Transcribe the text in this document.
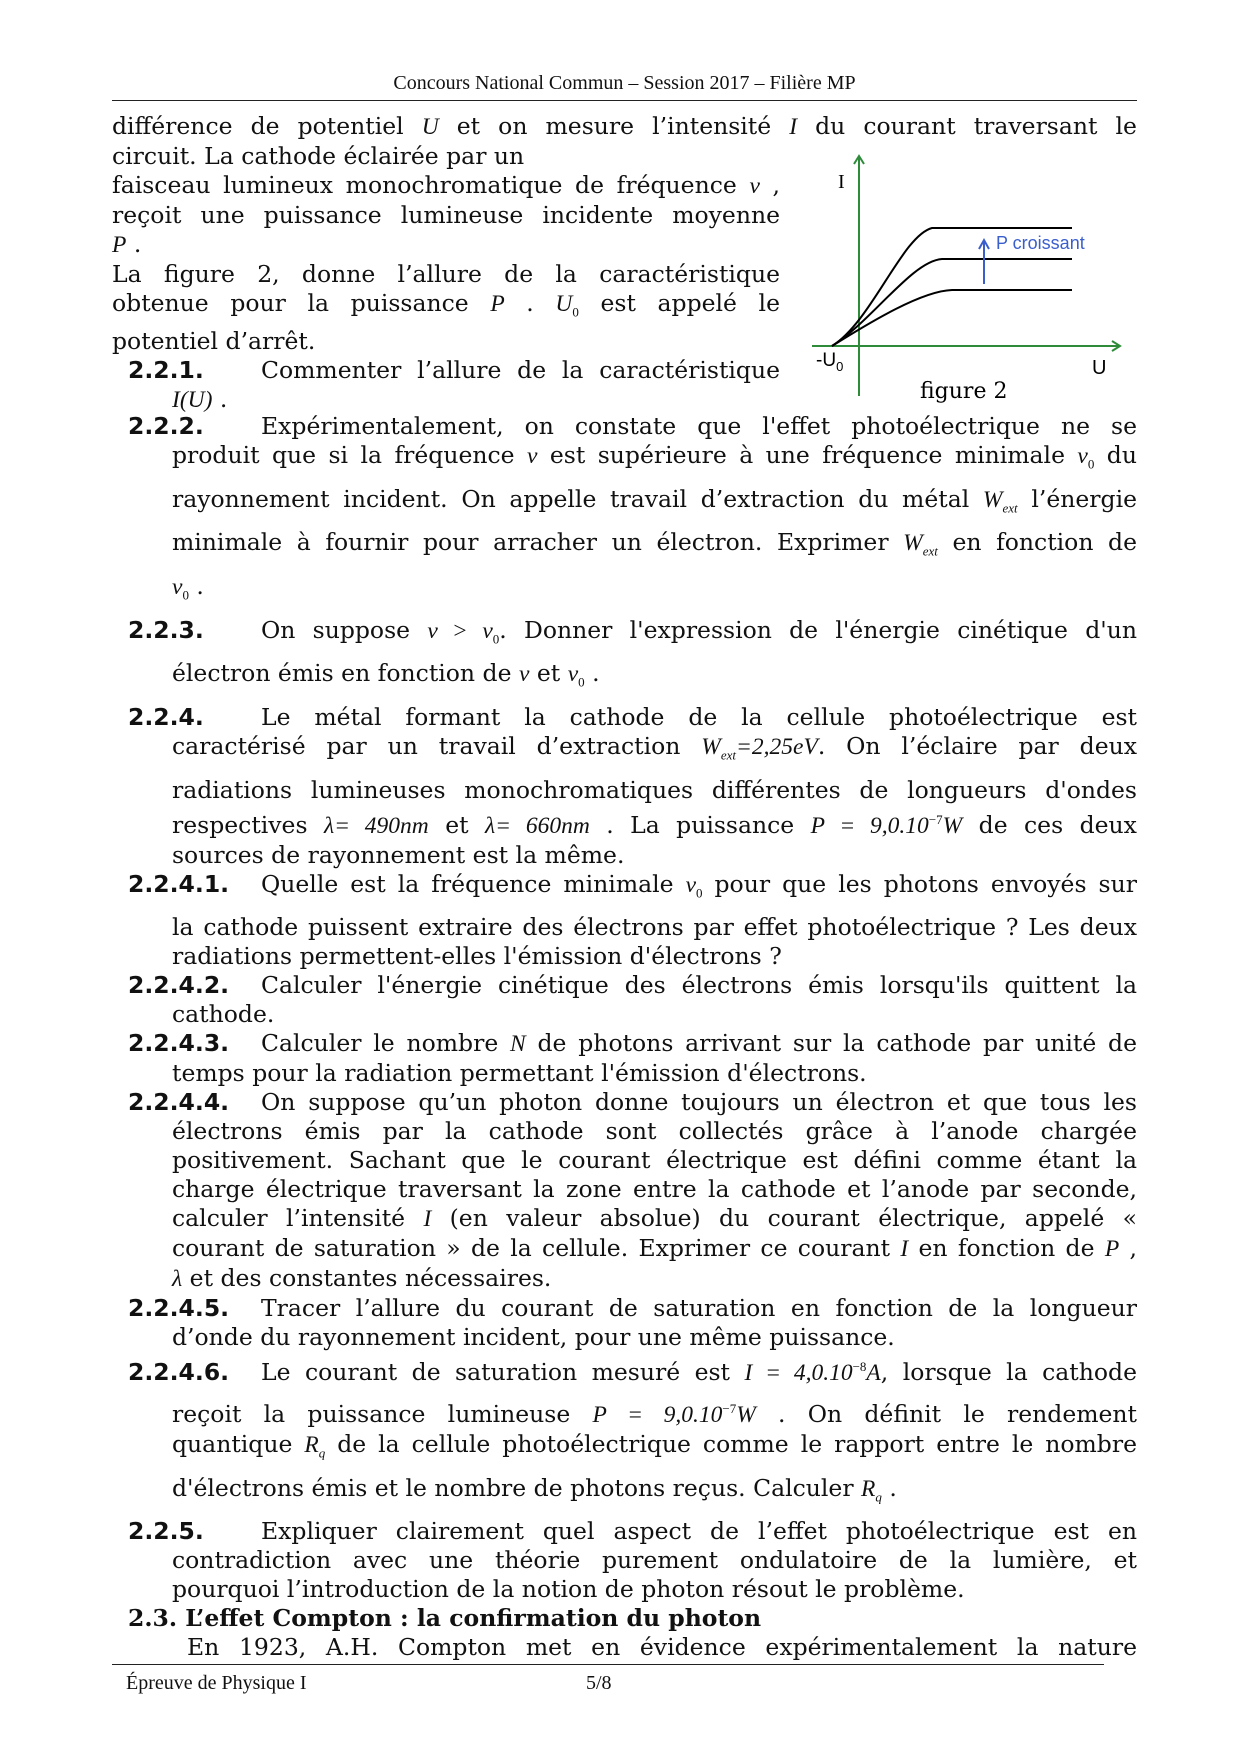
Concours National Commun – Session 2017 – Filière MP

différence de potentiel U et on mesure l’intensité I du courant traversant le

circuit. La cathode éclairée par un

faisceau lumineux monochromatique de fréquence ν ,

reçoit une puissance lumineuse incidente moyenne

P .

La figure 2, donne l’allure de la caractéristique

obtenue pour la puissance P . $U_0$ est appelé le

potentiel d’arrêt.

2.2.1. Commenter l’allure de la caractéristique

I(U) .

I
U
$-U_0$
P croissant
figure 2

2.2.2. Expérimentalement, on constate que l'effet photoélectrique ne se

produit que si la fréquence ν est supérieure à une fréquence minimale $\nu_0$ du

rayonnement incident. On appelle travail d’extraction du métal $W_{ext}$ l’énergie

minimale à fournir pour arracher un électron. Exprimer $W_{ext}$ en fonction de

$\nu_0$ .

2.2.3. On suppose $\nu > \nu_0$. Donner l'expression de l'énergie cinétique d'un

électron émis en fonction de ν et $\nu_0$ .

2.2.4. Le métal formant la cathode de la cellule photoélectrique est

caractérisé par un travail d’extraction $W_{ext}=2,25eV$. On l’éclaire par deux

radiations lumineuses monochromatiques différentes de longueurs d'ondes

respectives λ= 490nm et λ= 660nm . La puissance $P = 9,0.10^{-7}W$ de ces deux

sources de rayonnement est la même.

2.2.4.1. Quelle est la fréquence minimale $\nu_0$ pour que les photons envoyés sur

la cathode puissent extraire des électrons par effet photoélectrique ? Les deux

radiations permettent-elles l'émission d'électrons ?

2.2.4.2. Calculer l'énergie cinétique des électrons émis lorsqu'ils quittent la

cathode.

2.2.4.3. Calculer le nombre N de photons arrivant sur la cathode par unité de

temps pour la radiation permettant l'émission d'électrons.

2.2.4.4. On suppose qu’un photon donne toujours un électron et que tous les

électrons émis par la cathode sont collectés grâce à l’anode chargée

positivement. Sachant que le courant électrique est défini comme étant la

charge électrique traversant la zone entre la cathode et l’anode par seconde,

calculer l’intensité I (en valeur absolue) du courant électrique, appelé «

courant de saturation » de la cellule. Exprimer ce courant I en fonction de P ,

λ et des constantes nécessaires.

2.2.4.5. Tracer l’allure du courant de saturation en fonction de la longueur

d’onde du rayonnement incident, pour une même puissance.

2.2.4.6. Le courant de saturation mesuré est $I = 4,0.10^{-8}A$, lorsque la cathode

reçoit la puissance lumineuse $P = 9,0.10^{-7}W$ . On définit le rendement

quantique $R_q$ de la cellule photoélectrique comme le rapport entre le nombre

d'électrons émis et le nombre de photons reçus. Calculer $R_q$ .

2.2.5. Expliquer clairement quel aspect de l’effet photoélectrique est en

contradiction avec une théorie purement ondulatoire de la lumière, et

pourquoi l’introduction de la notion de photon résout le problème.

2.3. L’effet Compton : la confirmation du photon

En 1923, A.H. Compton met en évidence expérimentalement la nature

Épreuve de Physique I	5/8
